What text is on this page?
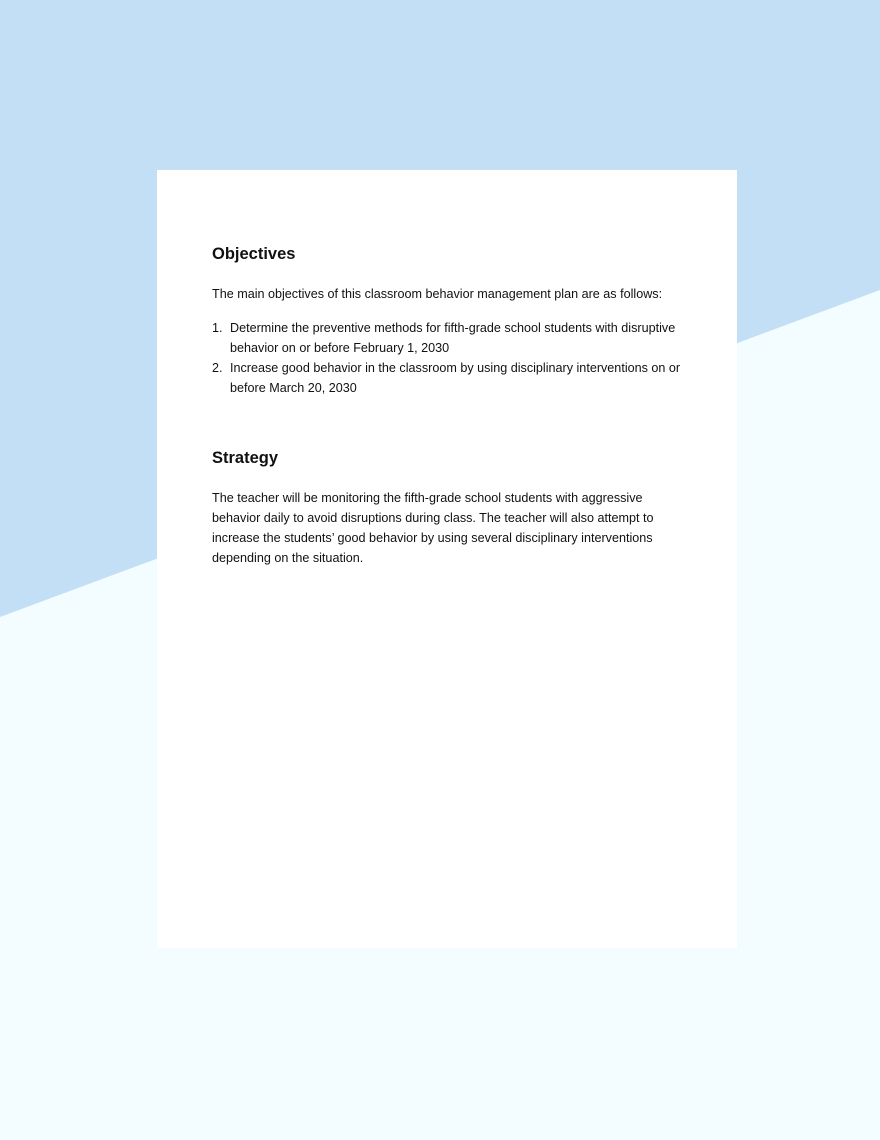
Objectives

The main objectives of this classroom behavior management plan are as follows:

1. Determine the preventive methods for fifth-grade school students with disruptive behavior on or before February 1, 2030
2. Increase good behavior in the classroom by using disciplinary interventions on or before March 20, 2030
Strategy

The teacher will be monitoring the fifth-grade school students with aggressive behavior daily to avoid disruptions during class. The teacher will also attempt to increase the students’ good behavior by using several disciplinary interventions depending on the situation.
